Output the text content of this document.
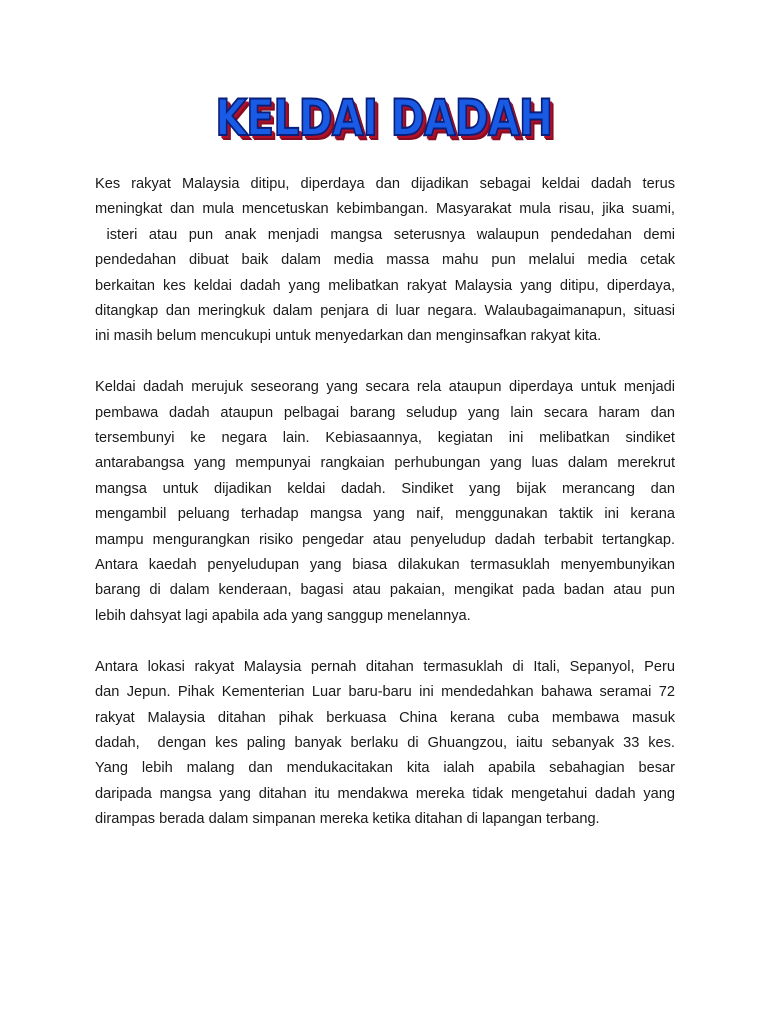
KELDAI DADAH
Kes rakyat Malaysia ditipu, diperdaya dan dijadikan sebagai keldai dadah terus
meningkat dan mula mencetuskan kebimbangan. Masyarakat mula risau, jika suami,
isteri atau pun anak menjadi mangsa seterusnya walaupun pendedahan demi
pendedahan dibuat baik dalam media massa mahu pun melalui media cetak
berkaitan kes keldai dadah yang melibatkan rakyat Malaysia yang ditipu, diperdaya,
ditangkap dan meringkuk dalam penjara di luar negara. Walaubagaimanapun, situasi
ini masih belum mencukupi untuk menyedarkan dan menginsafkan rakyat kita.
Keldai dadah merujuk seseorang yang secara rela ataupun diperdaya untuk menjadi
pembawa dadah ataupun pelbagai barang seludup yang lain secara haram dan
tersembunyi ke negara lain. Kebiasaannya, kegiatan ini melibatkan sindiket
antarabangsa yang mempunyai rangkaian perhubungan yang luas dalam merekrut
mangsa untuk dijadikan keldai dadah. Sindiket yang bijak merancang dan
mengambil peluang terhadap mangsa yang naif, menggunakan taktik ini kerana
mampu mengurangkan risiko pengedar atau penyeludup dadah terbabit tertangkap.
Antara kaedah penyeludupan yang biasa dilakukan termasuklah menyembunyikan
barang di dalam kenderaan, bagasi atau pakaian, mengikat pada badan atau pun
lebih dahsyat lagi apabila ada yang sanggup menelannya.
Antara lokasi rakyat Malaysia pernah ditahan termasuklah di Itali, Sepanyol, Peru
dan Jepun. Pihak Kementerian Luar baru-baru ini mendedahkan bahawa seramai 72
rakyat Malaysia ditahan pihak berkuasa China kerana cuba membawa masuk
dadah,  dengan kes paling banyak berlaku di Ghuangzou, iaitu sebanyak 33 kes.
Yang lebih malang dan mendukacitakan kita ialah apabila sebahagian besar
daripada mangsa yang ditahan itu mendakwa mereka tidak mengetahui dadah yang
dirampas berada dalam simpanan mereka ketika ditahan di lapangan terbang.
